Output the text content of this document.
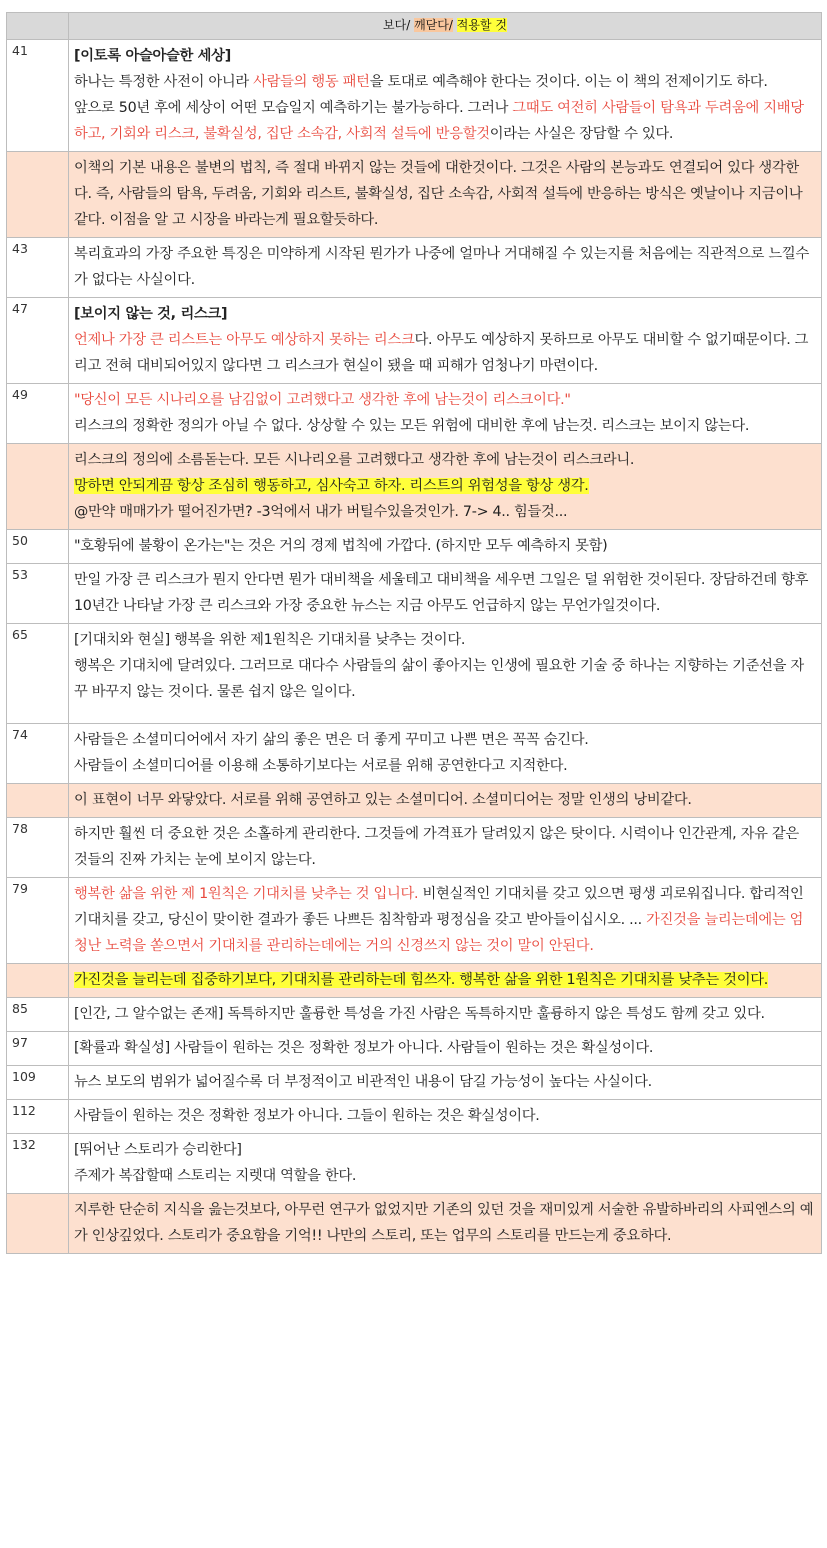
	보다/ 깨닫다/ 적용할 것
41	[이토록 아슬아슬한 세상]
하나는 특정한 사전이 아니라 사람들의 행동 패턴을 토대로 예측해야 한다는 것이다. 이는 이 책의 전제이기도 하다.
앞으로 50년 후에 세상이 어떤 모습일지 예측하기는 불가능하다. 그러나 그때도 여전히 사람들이 탐욕과 두려움에 지배당하고, 기회와 리스크, 불확실성, 집단 소속감, 사회적 설득에 반응할것이라는 사실은 장담할 수 있다.

	이책의 기본 내용은 불변의 법칙, 즉 절대 바뀌지 않는 것들에 대한것이다. 그것은 사람의 본능과도 연결되어 있다 생각한다. 즉, 사람들의 탐욕, 두려움, 기회와 리스트, 불확실성, 집단 소속감, 사회적 설득에 반응하는 방식은 옛날이나 지금이나 같다. 이점을 알 고 시장을 바라는게 필요할듯하다.
43	복리효과의 가장 주요한 특징은 미약하게 시작된 뭔가가 나중에 얼마나 거대해질 수 있는지를 처음에는 직관적으로 느낄수가 없다는 사실이다.
47	[보이지 않는 것, 리스크]
언제나 가장 큰 리스트는 아무도 예상하지 못하는 리스크다. 아무도 예상하지 못하므로 아무도 대비할 수 없기때문이다. 그리고 전혀 대비되어있지 않다면 그 리스크가 현실이 됐을 때 피해가 엄청나기 마련이다.

49	"당신이 모든 시나리오를 남김없이 고려했다고 생각한 후에 남는것이 리스크이다."
리스크의 정확한 정의가 아닐 수 없다. 상상할 수 있는 모든 위험에 대비한 후에 남는것. 리스크는 보이지 않는다.

	리스크의 정의에 소름돋는다. 모든 시나리오를 고려했다고 생각한 후에 남는것이 리스크라니.
망하면 안되게끔 항상 조심히 행동하고, 심사숙고 하자. 리스트의 위험성을 항상 생각.
@만약 매매가가 떨어진가면? -3억에서 내가 버틸수있을것인가. 7-> 4.. 힘들것...

50	"호황뒤에 불황이 온가는"는 것은 거의 경제 법칙에 가깝다. (하지만 모두 예측하지 못함)
53	만일 가장 큰 리스크가 뭔지 안다면 뭔가 대비책을 세울테고 대비책을 세우면 그일은 덜 위험한 것이된다. 장담하건데 향후 10년간 나타날 가장 큰 리스크와 가장 중요한 뉴스는 지금 아무도 언급하지 않는 무언가일것이다.
65	[기대치와 현실] 행복을 위한 제1원칙은 기대치를 낮추는 것이다.
행복은 기대치에 달려있다. 그러므로 대다수 사람들의 삶이 좋아지는 인생에 필요한 기술 중 하나는 지향하는 기준선을 자꾸 바꾸지 않는 것이다. 물론 쉽지 않은 일이다.

74	사람들은 소셜미디어에서 자기 삶의 좋은 면은 더 좋게 꾸미고 나쁜 면은 꼭꼭 숨긴다.
사람들이 소셜미디어를 이용해 소통하기보다는 서로를 위해 공연한다고 지적한다.

	이 표현이 너무 와닿았다. 서로를 위해 공연하고 있는 소셜미디어. 소셜미디어는 정말 인생의 낭비같다.
78	하지만 훨씬 더 중요한 것은 소홀하게 관리한다. 그것들에 가격표가 달려있지 않은 탓이다. 시력이나 인간관계, 자유 같은 것들의 진짜 가치는 눈에 보이지 않는다.
79	행복한 삶을 위한 제 1원칙은 기대치를 낮추는 것 입니다. 비현실적인 기대치를 갖고 있으면 평생 괴로워집니다. 합리적인 기대치를 갖고, 당신이 맞이한 결과가 좋든 나쁘든 침착함과 평정심을 갖고 받아들이십시오. ... 가진것을 늘리는데에는 엄청난 노력을 쏟으면서 기대치를 관리하는데에는 거의 신경쓰지 않는 것이 말이 안된다.
	가진것을 늘리는데 집중하기보다, 기대치를 관리하는데 힘쓰자. 행복한 삶을 위한 1원칙은 기대치를 낮추는 것이다.
85	[인간, 그 알수없는 존재] 독특하지만 훌륭한 특성을 가진 사람은 독특하지만 훌륭하지 않은 특성도 함께 갖고 있다.
97	[확률과 확실성] 사람들이 원하는 것은 정확한 정보가 아니다. 사람들이 원하는 것은 확실성이다.
109	뉴스 보도의 범위가 넓어질수록 더 부정적이고 비관적인 내용이 담길 가능성이 높다는 사실이다.
112	사람들이 원하는 것은 정확한 정보가 아니다. 그들이 원하는 것은 확실성이다.
132	[뛰어난 스토리가 승리한다]
주제가 복잡할때 스토리는 지렛대 역할을 한다.

	지루한 단순히 지식을 읊는것보다, 아무런 연구가 없었지만 기존의 있던 것을 재미있게 서술한 유발하바리의 사피엔스의 예가 인상깊었다. 스토리가 중요함을 기억!! 나만의 스토리, 또는 업무의 스토리를 만드는게 중요하다.
